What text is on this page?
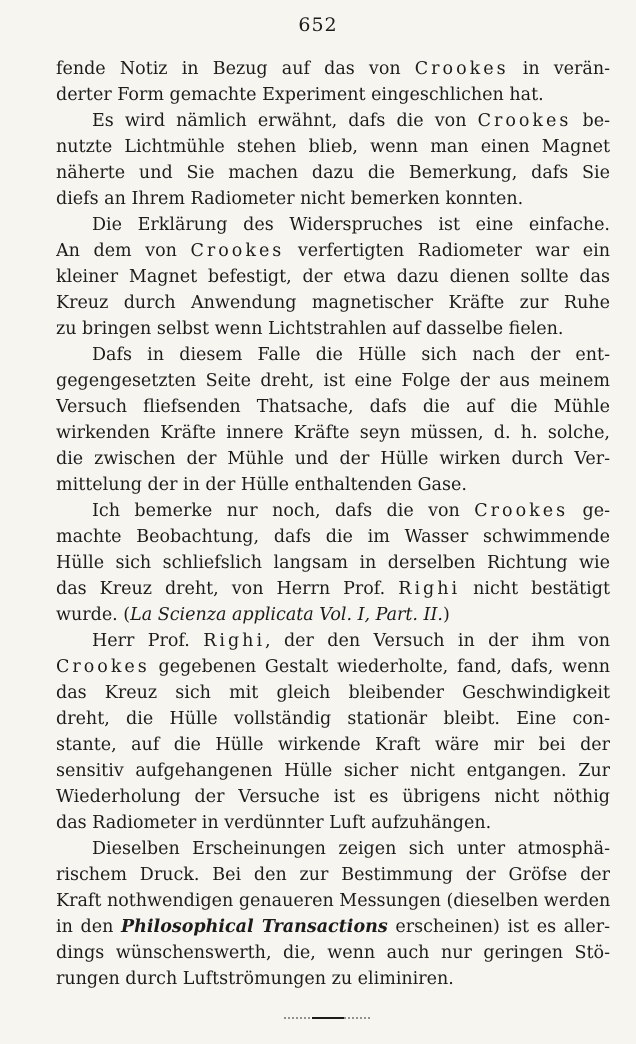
652
fende Notiz in Bezug auf das von Crookes in verän-
derter Form gemachte Experiment eingeschlichen hat.
Es wird nämlich erwähnt, dafs die von Crookes be-
nutzte Lichtmühle stehen blieb, wenn man einen Magnet
näherte und Sie machen dazu die Bemerkung, dafs Sie
diefs an Ihrem Radiometer nicht bemerken konnten.
Die Erklärung des Widerspruches ist eine einfache.
An dem von Crookes verfertigten Radiometer war ein
kleiner Magnet befestigt, der etwa dazu dienen sollte das
Kreuz durch Anwendung magnetischer Kräfte zur Ruhe
zu bringen selbst wenn Lichtstrahlen auf dasselbe fielen.
Dafs in diesem Falle die Hülle sich nach der ent-
gegengesetzten Seite dreht, ist eine Folge der aus meinem
Versuch fliefsenden Thatsache, dafs die auf die Mühle
wirkenden Kräfte innere Kräfte seyn müssen, d. h. solche,
die zwischen der Mühle und der Hülle wirken durch Ver-
mittelung der in der Hülle enthaltenden Gase.
Ich bemerke nur noch, dafs die von Crookes ge-
machte Beobachtung, dafs die im Wasser schwimmende
Hülle sich schliefslich langsam in derselben Richtung wie
das Kreuz dreht, von Herrn Prof. Righi nicht bestätigt
wurde. (La Scienza applicata Vol. I, Part. II.)
Herr Prof. Righi, der den Versuch in der ihm von
Crookes gegebenen Gestalt wiederholte, fand, dafs, wenn
das Kreuz sich mit gleich bleibender Geschwindigkeit
dreht, die Hülle vollständig stationär bleibt. Eine con-
stante, auf die Hülle wirkende Kraft wäre mir bei der
sensitiv aufgehangenen Hülle sicher nicht entgangen. Zur
Wiederholung der Versuche ist es übrigens nicht nöthig
das Radiometer in verdünnter Luft aufzuhängen.
Dieselben Erscheinungen zeigen sich unter atmosphä-
rischem Druck. Bei den zur Bestimmung der Gröfse der
Kraft nothwendigen genaueren Messungen (dieselben werden
in den Philosophical Transactions erscheinen) ist es aller-
dings wünschenswerth, die, wenn auch nur geringen Stö-
rungen durch Luftströmungen zu eliminiren.
